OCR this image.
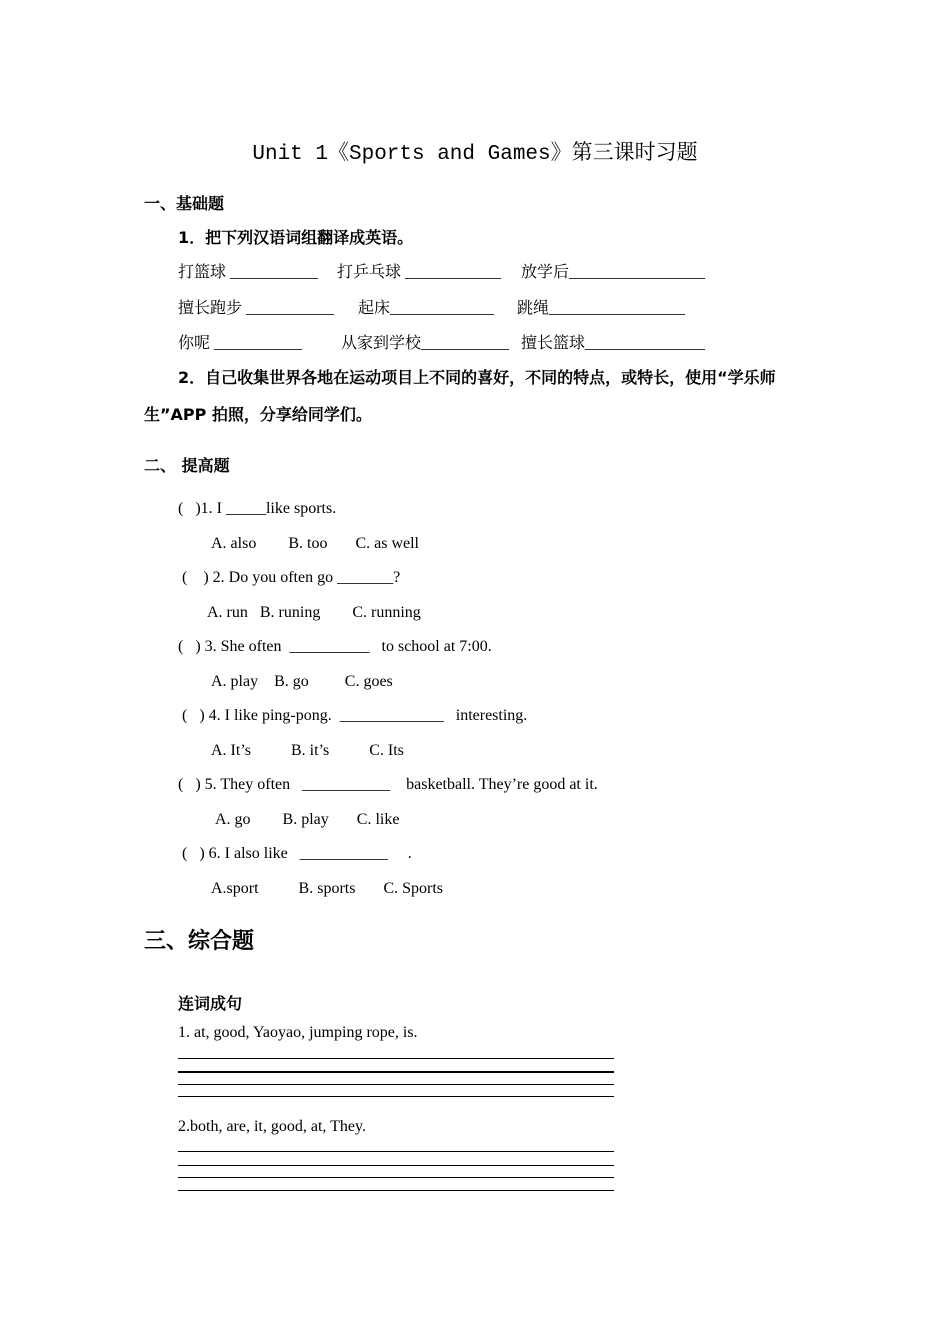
Unit 1《Sports and Games》第三课时习题
一、基础题
1．把下列汉语词组翻译成英语。
打篮球 ___________ 打乒乓球 ____________ 放学后_________________
擅长跑步 ___________ 起床_____________ 跳绳_________________
你呢 ___________ 从家到学校___________ 擅长篮球_______________
2．自己收集世界各地在运动项目上不同的喜好，不同的特点，或特长，使用“学乐师
生”APP 拍照，分享给同学们。
二、 提高题
(   )1. I _____like sports.
A. also        B. too       C. as well
(    ) 2. Do you often go _______?
A. run   B. runing        C. running
(   ) 3. She often  __________   to school at 7:00.
A. play    B. go         C. goes
(   ) 4. I like ping-pong.  _____________   interesting.
A. It’s          B. it’s          C. Its
(   ) 5. They often   ___________    basketball. They’re good at it.
A. go        B. play       C. like
(   ) 6. I also like   ___________     .
A.sport          B. sports       C. Sports
三、综合题
连词成句
1. at, good, Yaoyao, jumping rope, is.
2.both, are, it, good, at, They.
